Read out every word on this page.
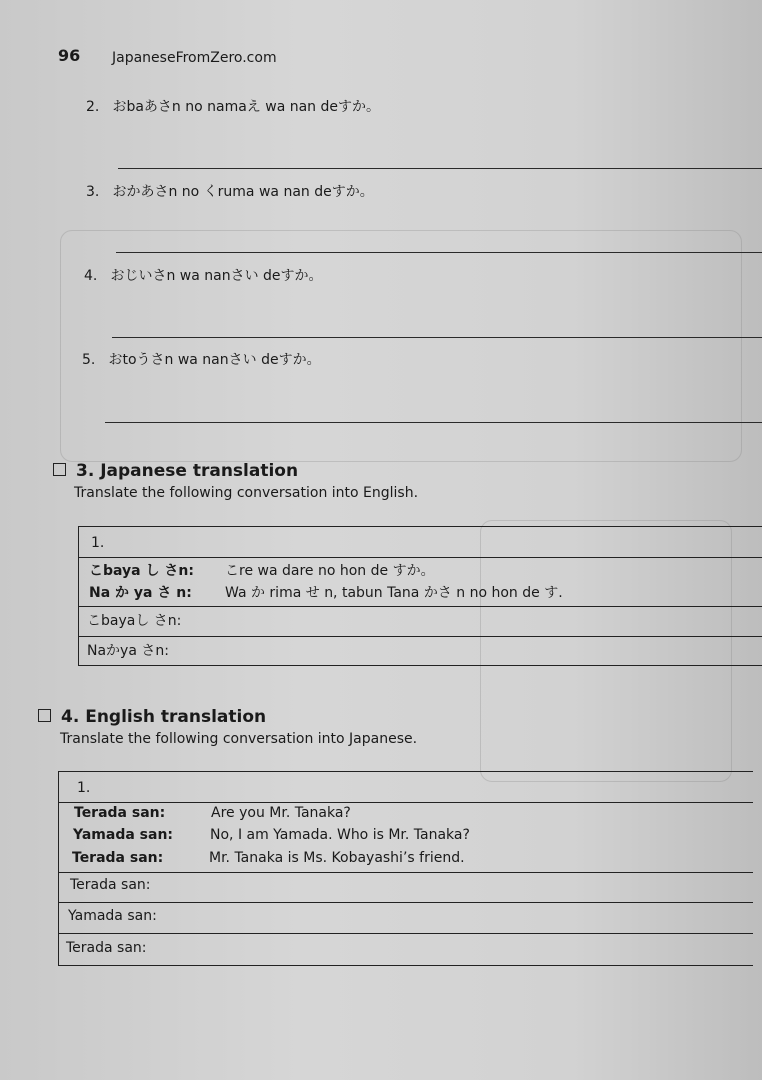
96 JapaneseFromZero.com
2. おbaあさn no namaえ wa nan deすか。
3. おかあさn no くruma wa nan deすか。
4. おじいさn wa nanさい deすか。
5. おtoうさn wa nanさい deすか。
3. Japanese translation
Translate the following conversation into English.
1.
こbaya し さn: こre wa dare no hon de すか。
Na か ya さ n: Wa か rima せ n, tabun Tana かさ n no hon de す.
こbayaし さn:
Naかya さn:
4. English translation
Translate the following conversation into Japanese.
1.
Terada san:	Are you Mr. Tanaka?
Yamada san:	No, I am Yamada. Who is Mr. Tanaka?
Terada san:	Mr. Tanaka is Ms. Kobayashi’s friend.
Terada san:
Yamada san:
Terada san:
